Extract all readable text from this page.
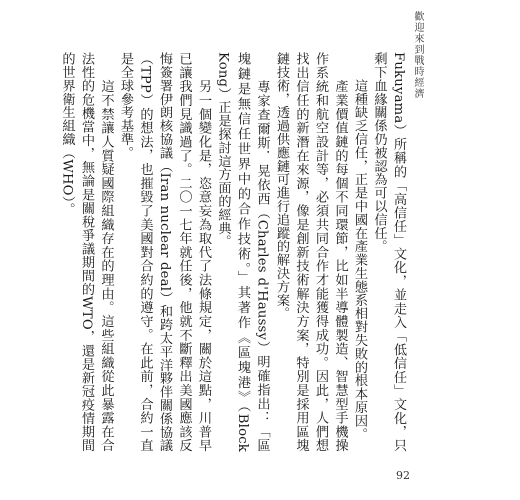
歡迎來到戰時經濟
Fukuyama）所稱的「高信任」文化，並走入「低信任」文化，只剩下血緣關係仍被認為可以信任。
　　這種缺乏信任，正是中國在產業生態系相對失敗的根本原因。
　　產業價值鏈的每個不同環節，比如半導體製造、智慧型手機操作系統和航空設計等，必須共同合作才能獲得成功。因此，人們想找出信任的新潛在來源，像是創新技術解決方案，特別是採用區塊鏈技術，透過供應鏈可進行追蹤的解決方案。
　　專家查爾斯．晃依西（Charles d'Haussy）明確指出：「區塊鏈是無信任世界中的合作技術。」其著作《區塊港》（Block Kong）正是探討這方面的經典。
　　另一個變化是，恣意妄為取代了法條規定，關於這點，川普早已讓我們見識過了。二〇一七年就任後，他就不斷釋出美國應該反悔簽署伊朗核協議（Iran nuclear deal）和跨太平洋夥伴關係協議（TPP）的想法，也摧毀了美國對合約的遵守。在此前，合約一直是全球參考基準。
　　這不禁讓人質疑國際組織存在的理由。這些組織從此暴露在合法性的危機當中，無論是關稅爭議期間的WTO，還是新冠疫情期間的世界衛生組織（WHO）。
92
